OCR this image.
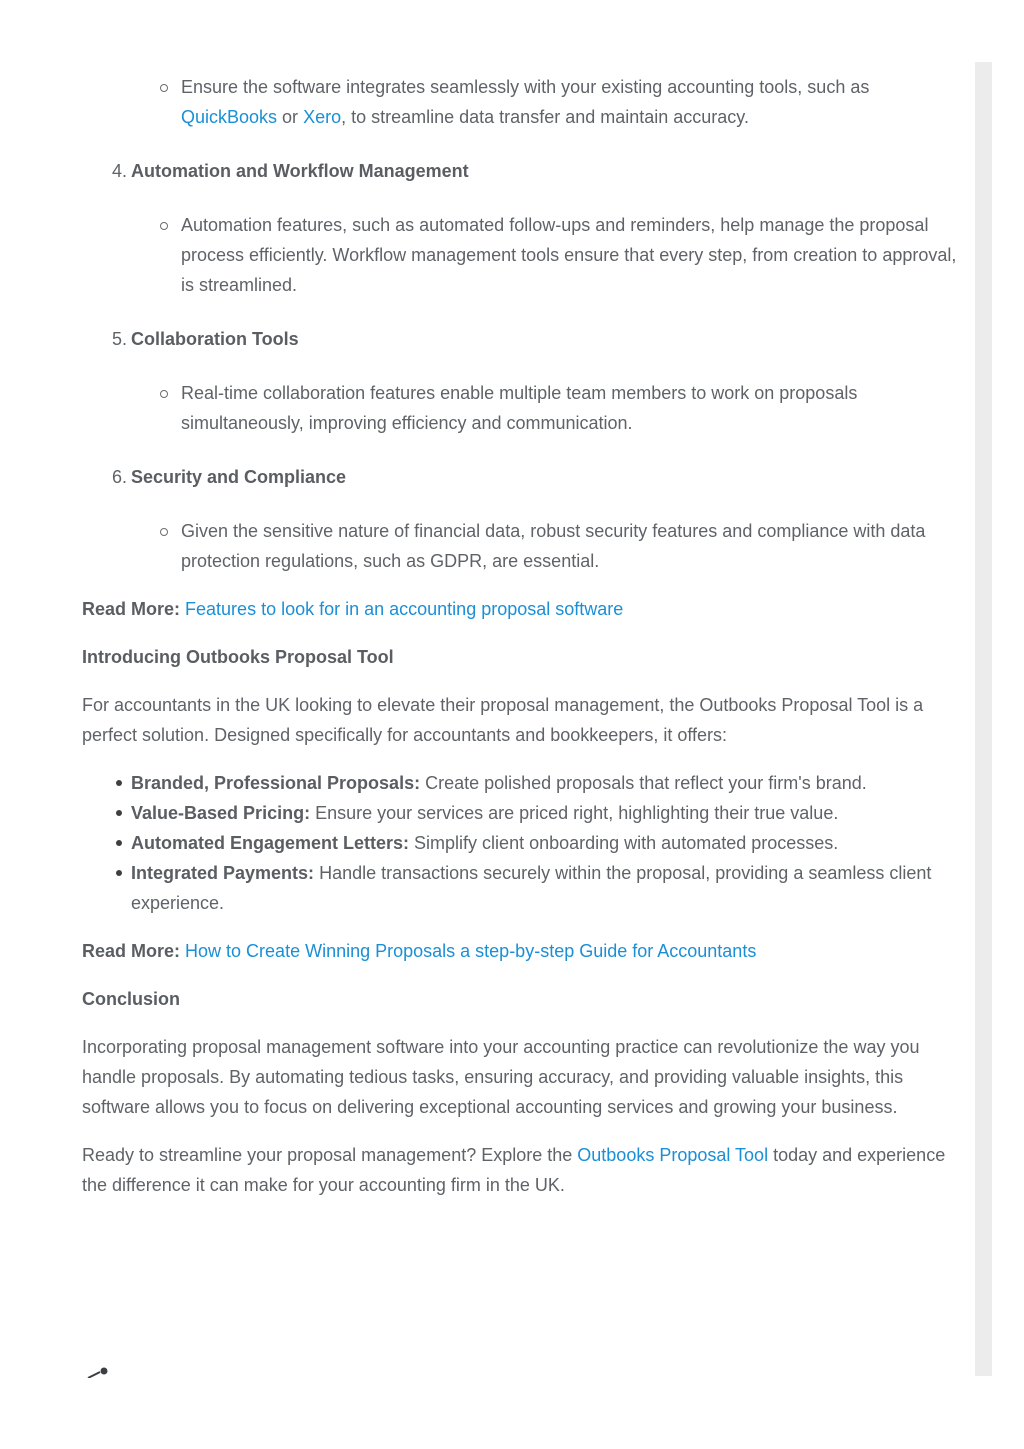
Ensure the software integrates seamlessly with your existing accounting tools, such as QuickBooks or Xero, to streamline data transfer and maintain accuracy.
4. Automation and Workflow Management
Automation features, such as automated follow-ups and reminders, help manage the proposal process efficiently. Workflow management tools ensure that every step, from creation to approval, is streamlined.
5. Collaboration Tools
Real-time collaboration features enable multiple team members to work on proposals simultaneously, improving efficiency and communication.
6. Security and Compliance
Given the sensitive nature of financial data, robust security features and compliance with data protection regulations, such as GDPR, are essential.

Read More: Features to look for in an accounting proposal software

Introducing Outbooks Proposal Tool

For accountants in the UK looking to elevate their proposal management, the Outbooks Proposal Tool is a perfect solution. Designed specifically for accountants and bookkeepers, it offers:

Branded, Professional Proposals: Create polished proposals that reflect your firm's brand.
Value-Based Pricing: Ensure your services are priced right, highlighting their true value.
Automated Engagement Letters: Simplify client onboarding with automated processes.
Integrated Payments: Handle transactions securely within the proposal, providing a seamless client experience.

Read More: How to Create Winning Proposals a step-by-step Guide for Accountants

Conclusion

Incorporating proposal management software into your accounting practice can revolutionize the way you handle proposals. By automating tedious tasks, ensuring accuracy, and providing valuable insights, this software allows you to focus on delivering exceptional accounting services and growing your business.

Ready to streamline your proposal management? Explore the Outbooks Proposal Tool today and experience the difference it can make for your accounting firm in the UK.
